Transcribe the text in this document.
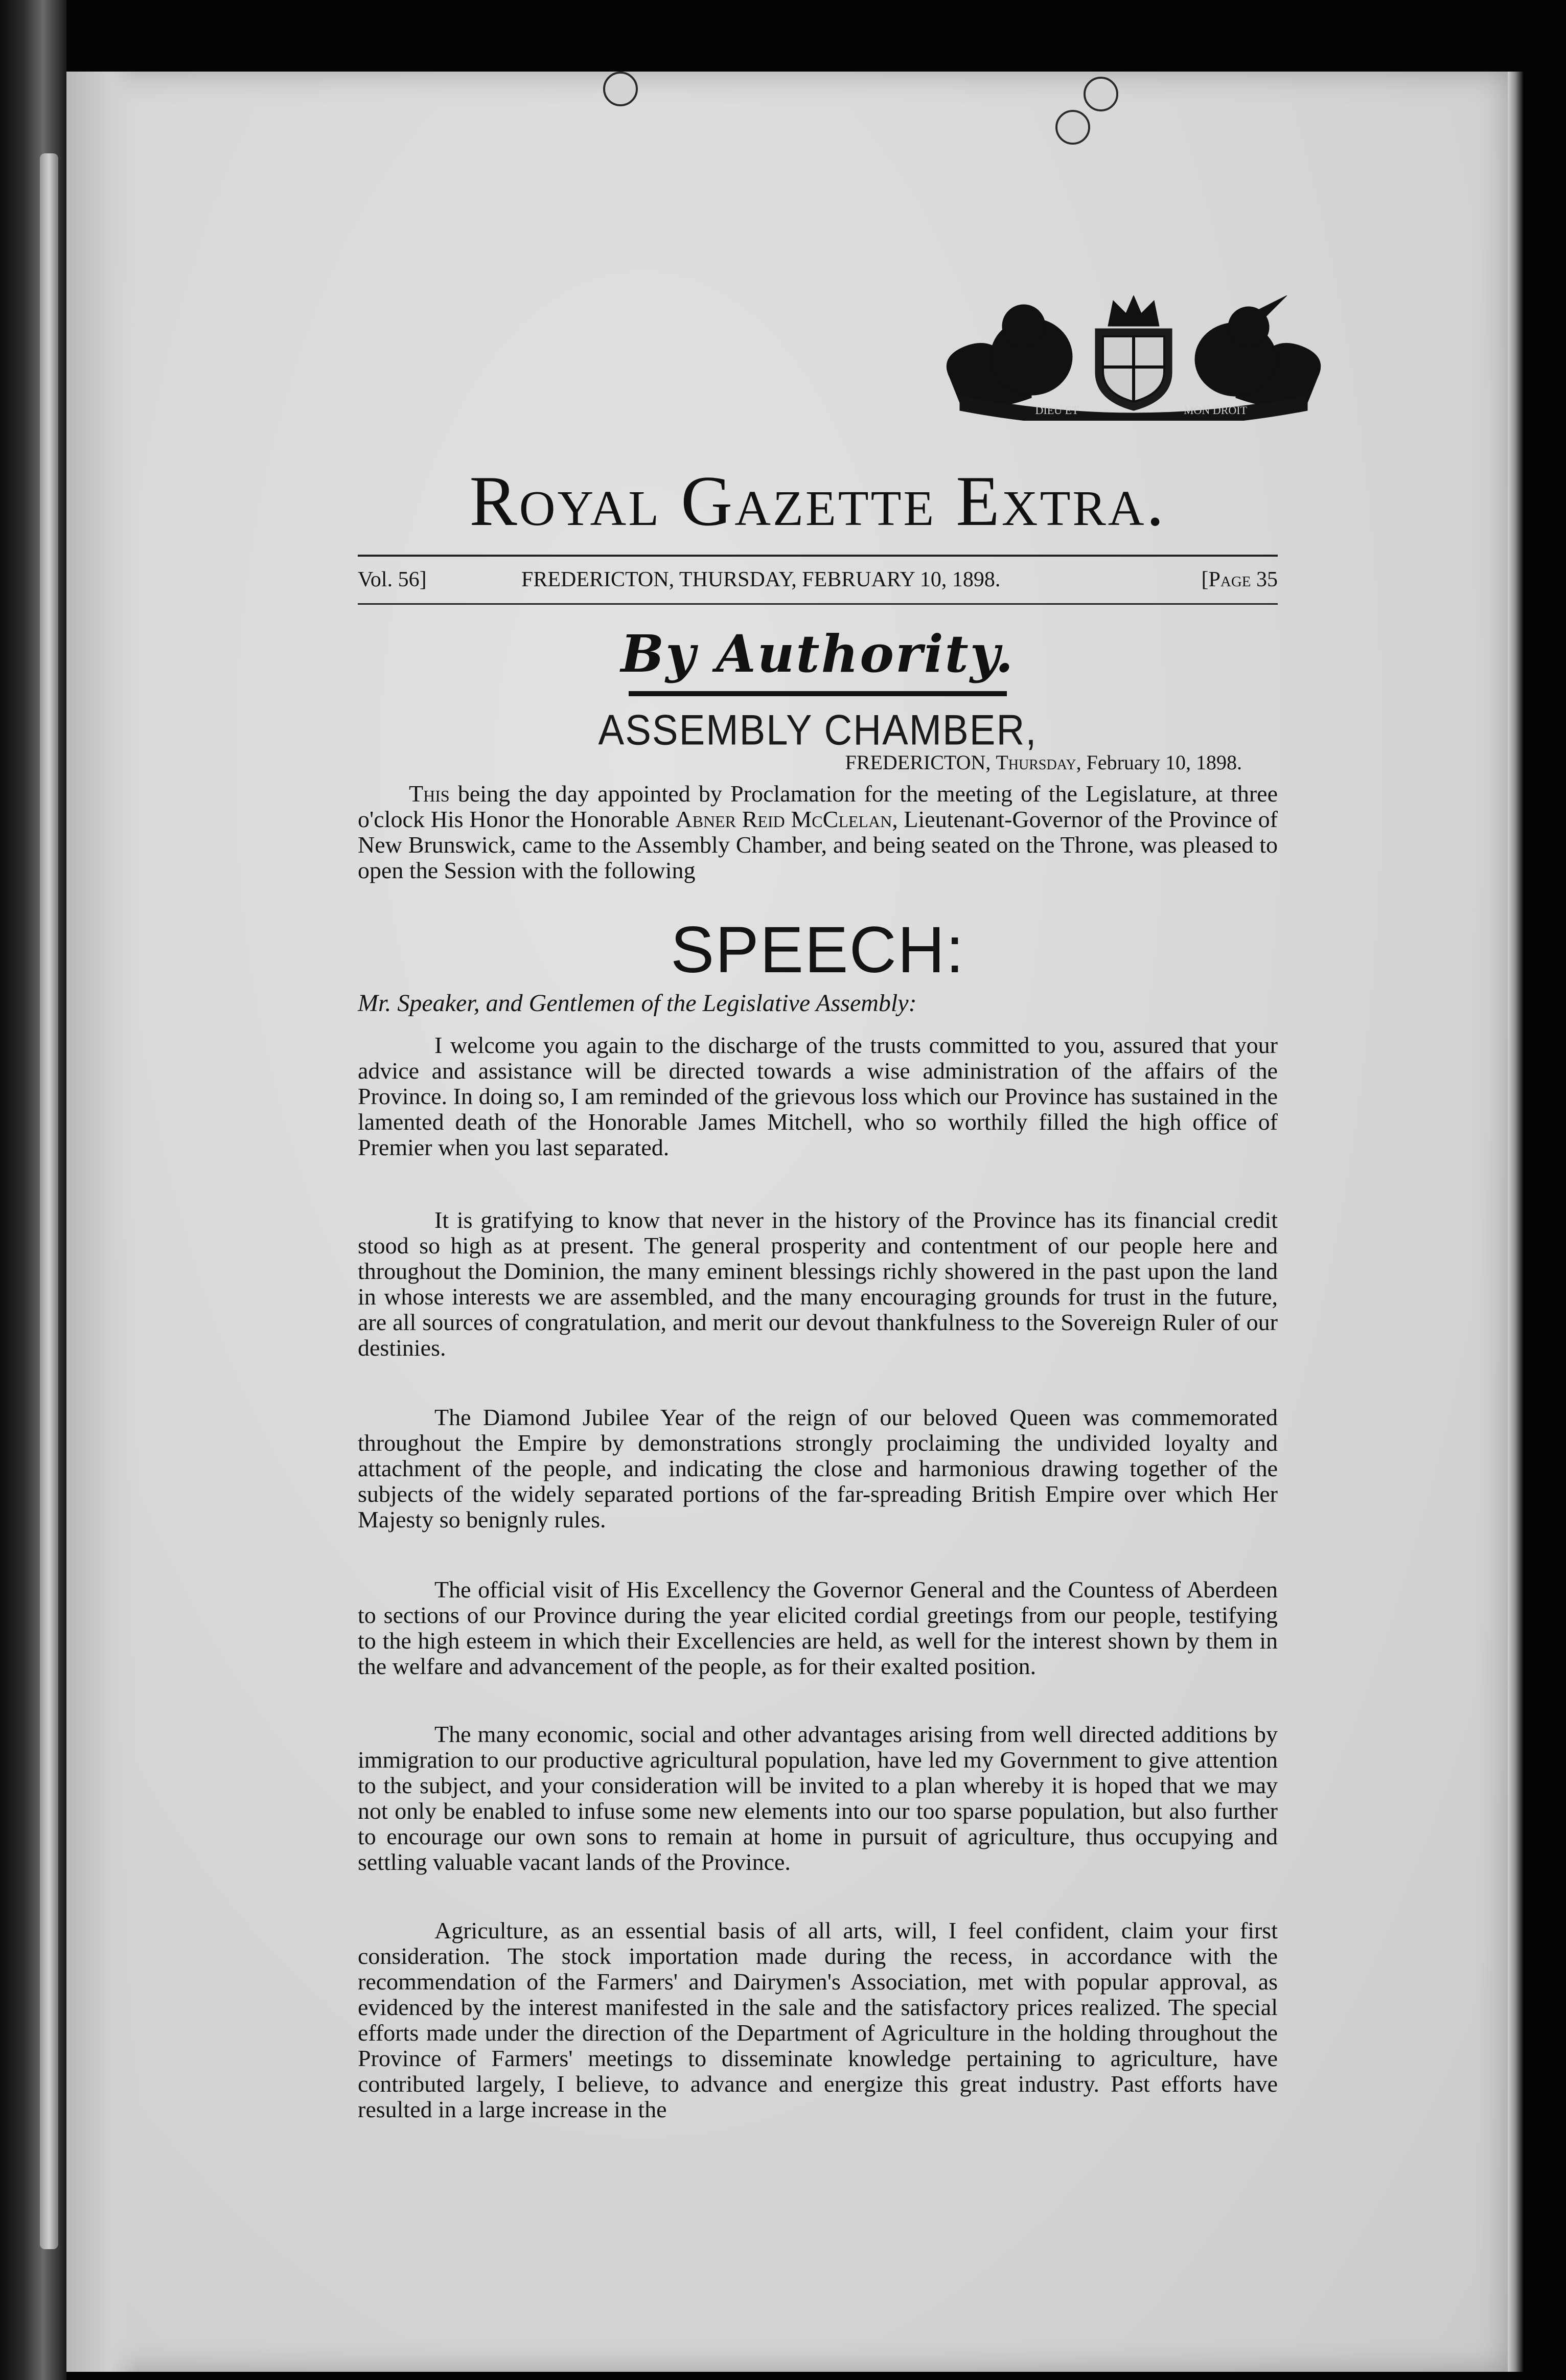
DIEU ET	MON DROIT
Royal Gazette Extra.
Vol. 56]	FREDERICTON, THURSDAY, FEBRUARY 10, 1898.	[Page 35
By Authority.
ASSEMBLY CHAMBER,
FREDERICTON, Thursday, February 10, 1898.
This being the day appointed by Proclamation for the meeting of the Legislature, at three o'clock His Honor the Honorable Abner Reid McClelan, Lieutenant-Governor of the Province of New Brunswick, came to the Assembly Chamber, and being seated on the Throne, was pleased to open the Session with the following
SPEECH:
Mr. Speaker, and Gentlemen of the Legislative Assembly:
I welcome you again to the discharge of the trusts committed to you, assured that your advice and assistance will be directed towards a wise administration of the affairs of the Province. In doing so, I am reminded of the grievous loss which our Province has sustained in the lamented death of the Honorable James Mitchell, who so worthily filled the high office of Premier when you last separated.
It is gratifying to know that never in the history of the Province has its financial credit stood so high as at present. The general prosperity and contentment of our people here and throughout the Dominion, the many eminent blessings richly showered in the past upon the land in whose interests we are assembled, and the many encouraging grounds for trust in the future, are all sources of congratulation, and merit our devout thankfulness to the Sovereign Ruler of our destinies.
The Diamond Jubilee Year of the reign of our beloved Queen was commemorated throughout the Empire by demonstrations strongly proclaiming the undivided loyalty and attachment of the people, and indicating the close and harmonious drawing together of the subjects of the widely separated portions of the far-spreading British Empire over which Her Majesty so benignly rules.
The official visit of His Excellency the Governor General and the Countess of Aberdeen to sections of our Province during the year elicited cordial greetings from our people, testifying to the high esteem in which their Excellencies are held, as well for the interest shown by them in the welfare and advancement of the people, as for their exalted position.
The many economic, social and other advantages arising from well directed additions by immigration to our productive agricultural population, have led my Government to give attention to the subject, and your consideration will be invited to a plan whereby it is hoped that we may not only be enabled to infuse some new elements into our too sparse population, but also further to encourage our own sons to remain at home in pursuit of agriculture, thus occupying and settling valuable vacant lands of the Province.
Agriculture, as an essential basis of all arts, will, I feel confident, claim your first consideration. The stock importation made during the recess, in accordance with the recommendation of the Farmers' and Dairymen's Association, met with popular approval, as evidenced by the interest manifested in the sale and the satisfactory prices realized. The special efforts made under the direction of the Department of Agriculture in the holding throughout the Province of Farmers' meetings to disseminate knowledge pertaining to agriculture, have contributed largely, I believe, to advance and energize this great industry. Past efforts have resulted in a large increase in the
